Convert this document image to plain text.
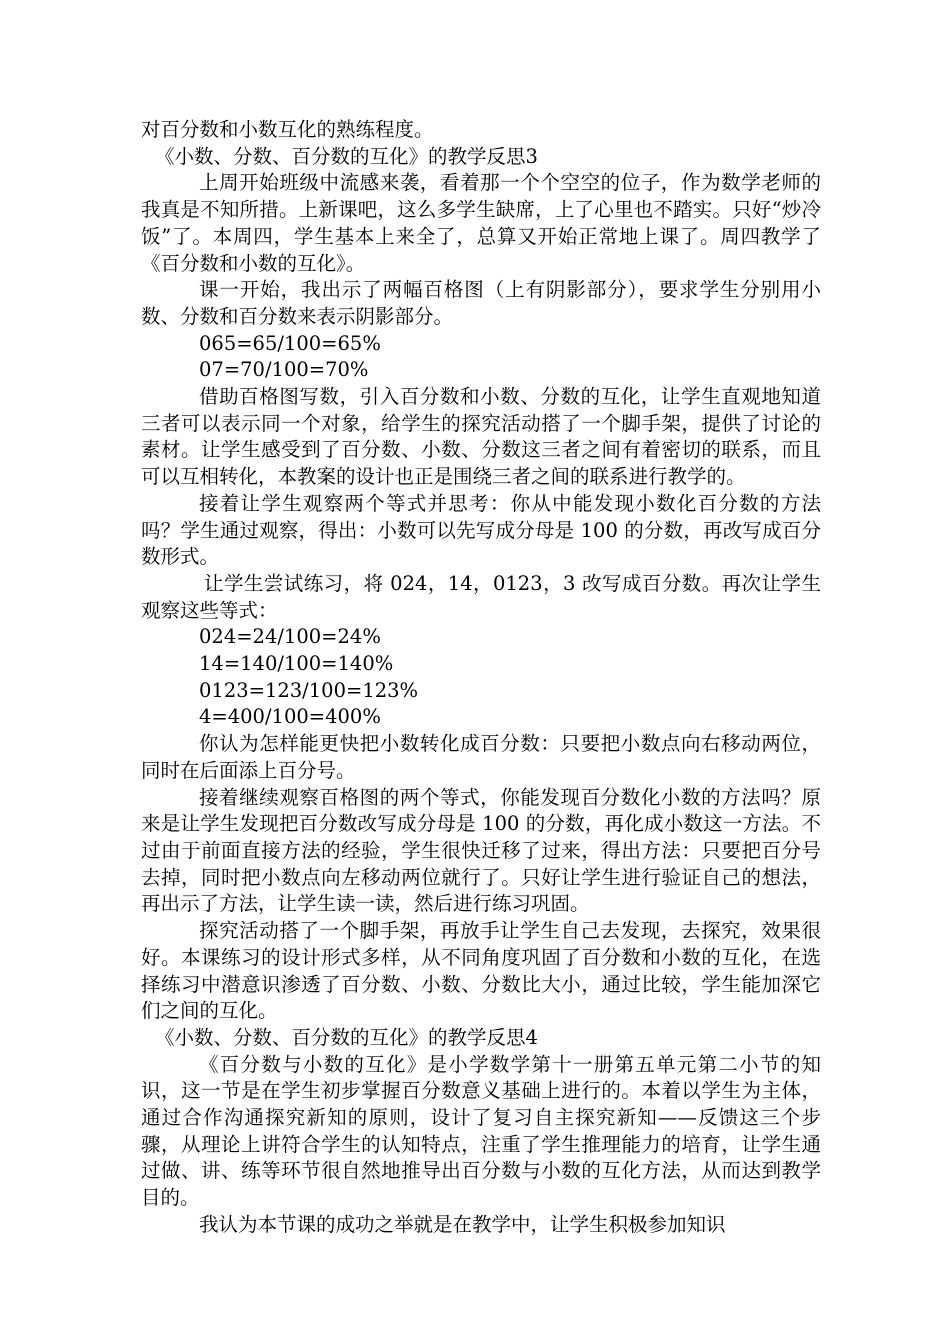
对百分数和小数互化的熟练程度。

《小数、分数、百分数的互化》的教学反思3

上周开始班级中流感来袭，看着那一个个空空的位子，作为数学老师的我真是不知所措。上新课吧，这么多学生缺席，上了心里也不踏实。只好“炒冷饭”了。本周四，学生基本上来全了，总算又开始正常地上课了。周四教学了《百分数和小数的互化》。

课一开始，我出示了两幅百格图（上有阴影部分），要求学生分别用小数、分数和百分数来表示阴影部分。

065=65/100=65%

07=70/100=70%

借助百格图写数，引入百分数和小数、分数的互化，让学生直观地知道三者可以表示同一个对象，给学生的探究活动搭了一个脚手架，提供了讨论的素材。让学生感受到了百分数、小数、分数这三者之间有着密切的联系，而且可以互相转化，本教案的设计也正是围绕三者之间的联系进行教学的。

接着让学生观察两个等式并思考：你从中能发现小数化百分数的方法吗？学生通过观察，得出：小数可以先写成分母是 100 的分数，再改写成百分数形式。

让学生尝试练习，将 024，14，0123，3 改写成百分数。再次让学生观察这些等式：

024=24/100=24%

14=140/100=140%

0123=123/100=123%

4=400/100=400%

你认为怎样能更快把小数转化成百分数：只要把小数点向右移动两位，同时在后面添上百分号。

接着继续观察百格图的两个等式，你能发现百分数化小数的方法吗？原来是让学生发现把百分数改写成分母是 100 的分数，再化成小数这一方法。不过由于前面直接方法的经验，学生很快迁移了过来，得出方法：只要把百分号去掉，同时把小数点向左移动两位就行了。只好让学生进行验证自己的想法，再出示了方法，让学生读一读，然后进行练习巩固。

探究活动搭了一个脚手架，再放手让学生自己去发现，去探究，效果很好。本课练习的设计形式多样，从不同角度巩固了百分数和小数的互化，在选择练习中潜意识渗透了百分数、小数、分数比大小，通过比较，学生能加深它们之间的互化。

《小数、分数、百分数的互化》的教学反思4

《百分数与小数的互化》是小学数学第十一册第五单元第二小节的知识，这一节是在学生初步掌握百分数意义基础上进行的。本着以学生为主体，通过合作沟通探究新知的原则，设计了复习自主探究新知——反馈这三个步骤，从理论上讲符合学生的认知特点，注重了学生推理能力的培育，让学生通过做、讲、练等环节很自然地推导出百分数与小数的互化方法，从而达到教学目的。

我认为本节课的成功之举就是在教学中，让学生积极参加知识
